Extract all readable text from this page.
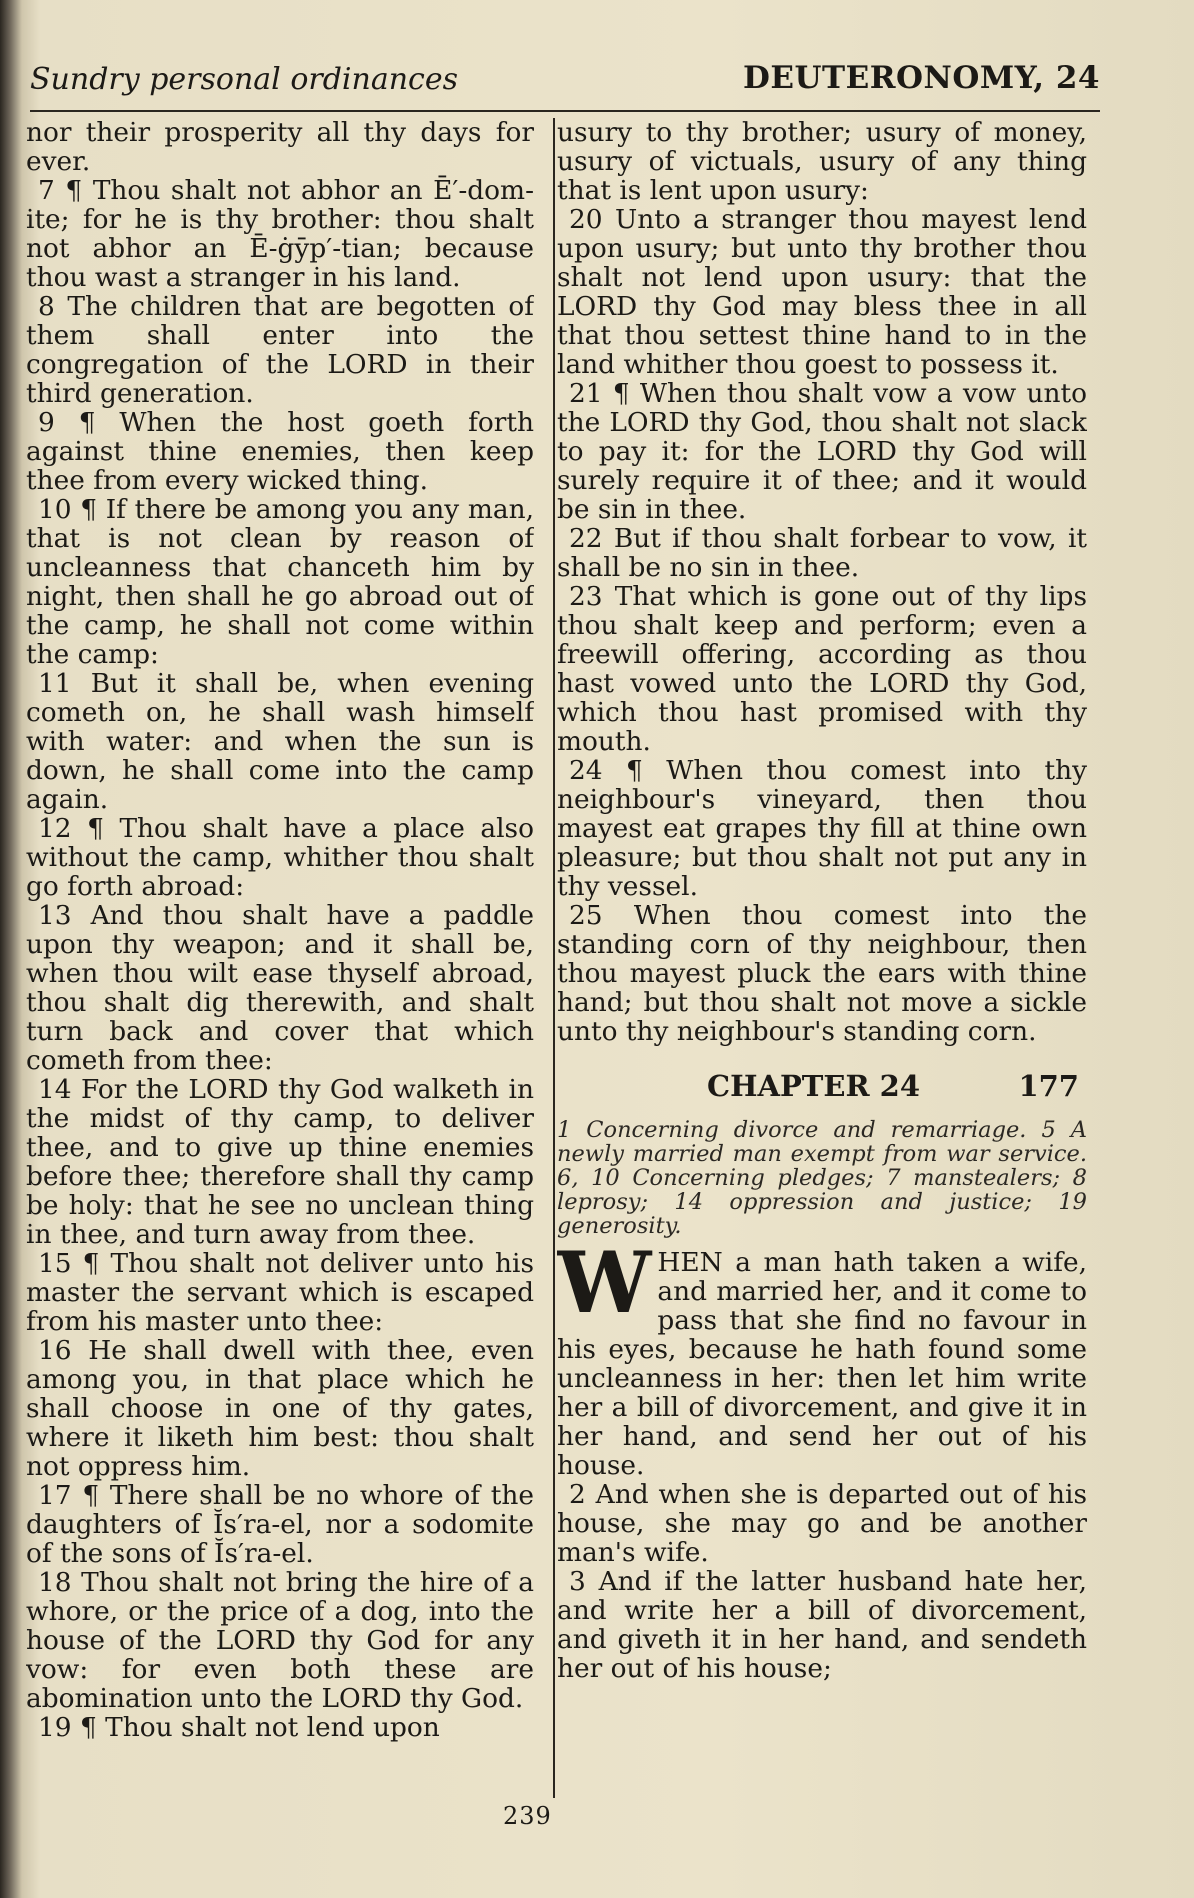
Sundry personal ordinances	DEUTERONOMY, 24

nor their prosperity all thy days for ever.

7 ¶ Thou shalt not abhor an Ē′-dom-ite; for he is thy brother: thou shalt not abhor an Ē-ġȳp′-tian; because thou wast a stranger in his land.

8 The children that are begotten of them shall enter into the congregation of the LORD in their third generation.

9 ¶ When the host goeth forth against thine enemies, then keep thee from every wicked thing.

10 ¶ If there be among you any man, that is not clean by reason of uncleanness that chanceth him by night, then shall he go abroad out of the camp, he shall not come within the camp:

11 But it shall be, when evening cometh on, he shall wash himself with water: and when the sun is down, he shall come into the camp again.

12 ¶ Thou shalt have a place also without the camp, whither thou shalt go forth abroad:

13 And thou shalt have a paddle upon thy weapon; and it shall be, when thou wilt ease thyself abroad, thou shalt dig therewith, and shalt turn back and cover that which cometh from thee:

14 For the LORD thy God walketh in the midst of thy camp, to deliver thee, and to give up thine enemies before thee; therefore shall thy camp be holy: that he see no unclean thing in thee, and turn away from thee.

15 ¶ Thou shalt not deliver unto his master the servant which is escaped from his master unto thee:

16 He shall dwell with thee, even among you, in that place which he shall choose in one of thy gates, where it liketh him best: thou shalt not oppress him.

17 ¶ There shall be no whore of the daughters of Ĭs′ra-el, nor a sodomite of the sons of Ĭs′ra-el.

18 Thou shalt not bring the hire of a whore, or the price of a dog, into the house of the LORD thy God for any vow: for even both these are abomination unto the LORD thy God.

19 ¶ Thou shalt not lend upon

usury to thy brother; usury of money, usury of victuals, usury of any thing that is lent upon usury:

20 Unto a stranger thou mayest lend upon usury; but unto thy brother thou shalt not lend upon usury: that the LORD thy God may bless thee in all that thou settest thine hand to in the land whither thou goest to possess it.

21 ¶ When thou shalt vow a vow unto the LORD thy God, thou shalt not slack to pay it: for the LORD thy God will surely require it of thee; and it would be sin in thee.

22 But if thou shalt forbear to vow, it shall be no sin in thee.

23 That which is gone out of thy lips thou shalt keep and perform; even a freewill offering, according as thou hast vowed unto the LORD thy God, which thou hast promised with thy mouth.

24 ¶ When thou comest into thy neighbour's vineyard, then thou mayest eat grapes thy fill at thine own pleasure; but thou shalt not put any in thy vessel.

25 When thou comest into the standing corn of thy neighbour, then thou mayest pluck the ears with thine hand; but thou shalt not move a sickle unto thy neighbour's standing corn.

CHAPTER 24	177
1 Concerning divorce and remarriage. 5 A newly married man exempt from war service. 6, 10 Concerning pledges; 7 manstealers; 8 leprosy; 14 oppression and justice; 19 generosity.

WHEN a man hath taken a wife, and married her, and it come to pass that she find no favour in his eyes, because he hath found some uncleanness in her: then let him write her a bill of divorcement, and give it in her hand, and send her out of his house.

2 And when she is departed out of his house, she may go and be another man's wife.

3 And if the latter husband hate her, and write her a bill of divorcement, and giveth it in her hand, and sendeth her out of his house;

239
